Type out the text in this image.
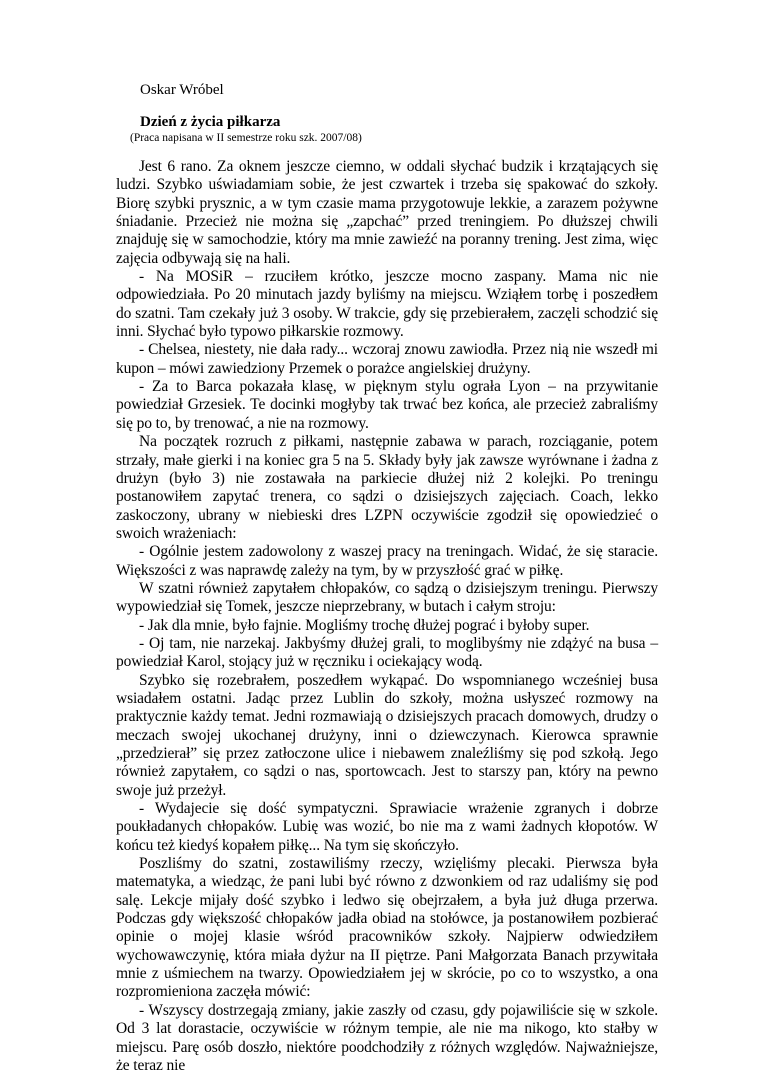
Oskar Wróbel
Dzień z życia piłkarza
(Praca napisana w II semestrze roku szk. 2007/08)

Jest 6 rano. Za oknem jeszcze ciemno, w oddali słychać budzik i krzątających się ludzi. Szybko uświadamiam sobie, że jest czwartek i trzeba się spakować do szkoły. Biorę szybki prysznic, a w tym czasie mama przygotowuje lekkie, a zarazem pożywne śniadanie. Przecież nie można się „zapchać” przed treningiem. Po dłuższej chwili znajduję się w samochodzie, który ma mnie zawieźć na poranny trening. Jest zima, więc zajęcia odbywają się na hali.

- Na MOSiR – rzuciłem krótko, jeszcze mocno zaspany. Mama nic nie odpowiedziała. Po 20 minutach jazdy byliśmy na miejscu. Wziąłem torbę i poszedłem do szatni. Tam czekały już 3 osoby. W trakcie, gdy się przebierałem, zaczęli schodzić się inni. Słychać było typowo piłkarskie rozmowy.

- Chelsea, niestety, nie dała rady... wczoraj znowu zawiodła. Przez nią nie wszedł mi kupon – mówi zawiedziony Przemek o porażce angielskiej drużyny.

- Za to Barca pokazała klasę, w pięknym stylu ograła Lyon – na przywitanie powiedział Grzesiek. Te docinki mogłyby tak trwać bez końca, ale przecież zabraliśmy się po to, by trenować, a nie na rozmowy.

Na początek rozruch z piłkami, następnie zabawa w parach, rozciąganie, potem strzały, małe gierki i na koniec gra 5 na 5. Składy były jak zawsze wyrównane i żadna z drużyn (było 3) nie zostawała na parkiecie dłużej niż 2 kolejki. Po treningu postanowiłem zapytać trenera, co sądzi o dzisiejszych zajęciach. Coach, lekko zaskoczony, ubrany w niebieski dres LZPN oczywiście zgodził się opowiedzieć o swoich wrażeniach:

- Ogólnie jestem zadowolony z waszej pracy na treningach. Widać, że się staracie. Większości z was naprawdę zależy na tym, by w przyszłość grać w piłkę.

W szatni również zapytałem chłopaków, co sądzą o dzisiejszym treningu. Pierwszy wypowiedział się Tomek, jeszcze nieprzebrany, w butach i całym stroju:

- Jak dla mnie, było fajnie. Mogliśmy trochę dłużej pograć i byłoby super.

- Oj tam, nie narzekaj. Jakbyśmy dłużej grali, to moglibyśmy nie zdążyć na busa – powiedział Karol, stojący już w ręczniku i ociekający wodą.

Szybko się rozebrałem, poszedłem wykąpać. Do wspomnianego wcześniej busa wsiadałem ostatni. Jadąc przez Lublin do szkoły, można usłyszeć rozmowy na praktycznie każdy temat. Jedni rozmawiają o dzisiejszych pracach domowych, drudzy o meczach swojej ukochanej drużyny, inni o dziewczynach. Kierowca sprawnie „przedzierał” się przez zatłoczone ulice i niebawem znaleźliśmy się pod szkołą. Jego również zapytałem, co sądzi o nas, sportowcach. Jest to starszy pan, który na pewno swoje już przeżył.

- Wydajecie się dość sympatyczni. Sprawiacie wrażenie zgranych i dobrze poukładanych chłopaków. Lubię was wozić, bo nie ma z wami żadnych kłopotów. W końcu też kiedyś kopałem piłkę... Na tym się skończyło.

Poszliśmy do szatni, zostawiliśmy rzeczy, wzięliśmy plecaki. Pierwsza była matematyka, a wiedząc, że pani lubi być równo z dzwonkiem od raz udaliśmy się pod salę. Lekcje mijały dość szybko i ledwo się obejrzałem, a była już długa przerwa. Podczas gdy większość chłopaków jadła obiad na stołówce, ja postanowiłem pozbierać opinie o mojej klasie wśród pracowników szkoły. Najpierw odwiedziłem wychowawczynię, która miała dyżur na II piętrze. Pani Małgorzata Banach przywitała mnie z uśmiechem na twarzy. Opowiedziałem jej w skrócie, po co to wszystko, a ona rozpromieniona zaczęła mówić:

- Wszyscy dostrzegają zmiany, jakie zaszły od czasu, gdy pojawiliście się w szkole. Od 3 lat dorastacie, oczywiście w różnym tempie, ale nie ma nikogo, kto stałby w miejscu. Parę osób doszło, niektóre poodchodziły z różnych względów. Najważniejsze, że teraz nie
